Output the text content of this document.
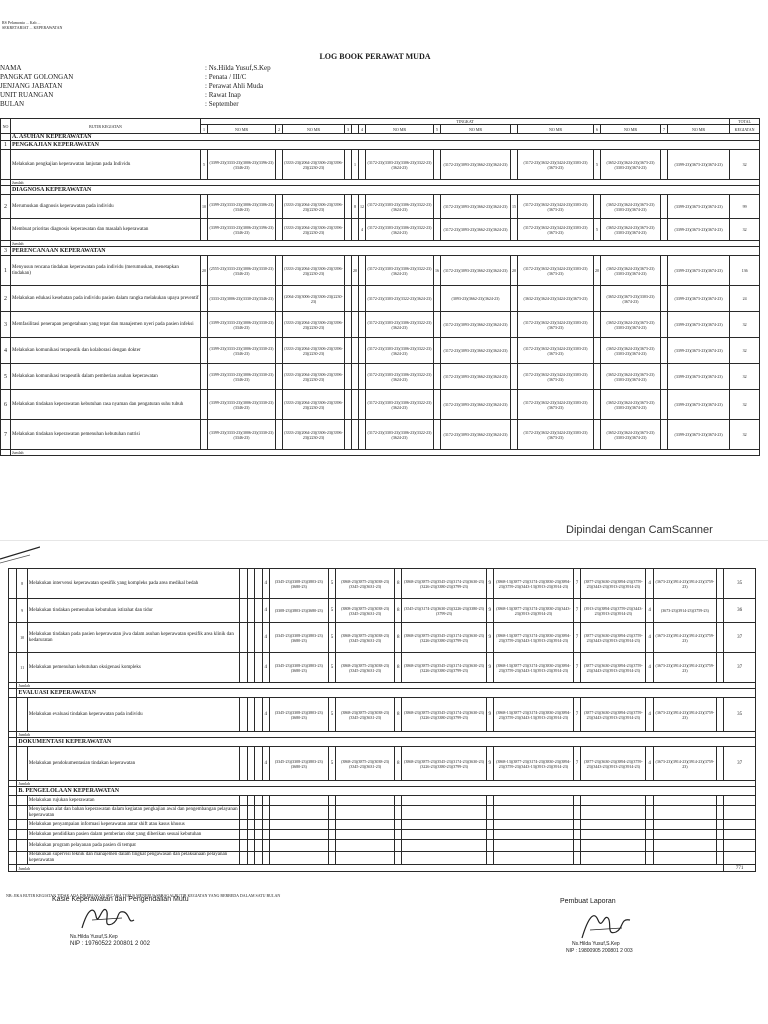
RS Pelamonia ... Kab ...
SEKRETARIAT ... KEPERAWATAN
LOG BOOK PERAWAT MUDA
NAMA	: Ns.Hilda Yusuf,S.Kep
PANGKAT GOLONGAN	: Penata / III/C
JENJANG JABATAN	: Perawat Ahli Muda
UNIT RUANGAN	: Rawat Inap
BULAN	: September
NO	BUTIR KEGIATAN	TINGKAT																TOTAL
		1	NO MR	2	NO MR	3		4	NO MR	5	NO MR		NO MR	6	NO MR	7	NO MR	KEGIATAN
	A. ASUHAN KEPERAWATAN																	
1	PENGKAJIAN KEPERAWATAN																	
	Melakukan pengkajian keperawatan lanjutan pada Individu	5	(3399-23)(3333-23)(3006-23)(3396-23)(3346-23)		(3333-23)(2064-23)(3306-23)(3396-23)(2230-23)		1		(3172-23)(3303-23)(3306-23)(3322-23)(3624-23)		(3172-23)(3093-23)(3662-23)(3624-23)		(3172-23)(3632-23)(3424-23)(3303-23)(3673-23)	5	(3652-23)(3624-23)(3673-23)(3303-23)(3674-23)		(3399-23)(3673-23)(3674-23)	32
	Jumlah																	
	DIAGNOSA KEPERAWATAN																	
2	Merumuskan diagnosis keperawatan pada individu	10	(3399-23)(3333-23)(3006-23)(3306-23)(3346-23)		(3333-23)(2064-23)(3306-23)(3396-23)(2230-23)		8	12	(3172-23)(3303-23)(3306-23)(3322-23)(3624-23)		(3172-23)(3093-23)(3662-23)(3624-23)	15	(3172-23)(3632-23)(3424-23)(3303-23)(3673-23)		(3652-23)(3624-23)(3673-23)(3303-23)(3674-23)		(3399-23)(3673-23)(3674-23)	99
	Membuat prioritas diagnosis keperawatan dan masalah keperawatan		(3399-23)(3333-23)(3006-23)(3396-23)(3346-23)		(3333-23)(2064-23)(3306-23)(3396-23)(2230-23)			4	(3172-23)(3303-23)(3306-23)(3322-23)(3624-23)		(3172-23)(3093-23)(3662-23)(3624-23)		(3172-23)(3632-23)(3424-23)(3303-23)(3673-23)	5	(3652-23)(3624-23)(3673-23)(3303-23)(3674-23)		(3399-23)(3673-23)(3674-23)	32
	Jumlah																	
3	PERENCANAAN KEPERAWATAN																	
1	Menyusun rencana tindakan keperawatan pada individu (merumuskan, menetapkan tindakan)	20	(2555-23)(3333-23)(3006-23)(3330-23)(3346-23)		(3333-23)(2064-23)(3306-23)(3396-23)(2230-23)		20		(3172-23)(3303-23)(3306-23)(3322-23)(3624-23)	16	(3172-23)(3093-23)(3662-23)(3624-23)	20	(3172-23)(3632-23)(3424-23)(3303-23)(3673-23)	20	(3652-23)(3624-23)(3673-23)(3303-23)(3674-23)		(3399-23)(3673-23)(3674-23)	136
2	Melakukan edukasi kesehatan pada individu pasien dalam rangka melakukan upaya preventif		(3333-23)(3006-23)(3330-23)(3346-23)		(2064-23)(3006-23)(3306-23)(2230-23)				(3172-23)(3303-23)(3322-23)(3624-23)		(3093-23)(3662-23)(3624-23)		(3632-23)(3624-23)(3424-23)(3673-23)		(3652-23)(3673-23)(3303-23)(3674-23)		(3399-23)(3673-23)(3674-23)	24
3	Memfasilitasi penerapan pengetahuan yang tepat dan manajemen nyeri pada pasien infeksi		(3399-23)(3333-23)(3006-23)(3330-23)(3346-23)		(3333-23)(2064-23)(3306-23)(3396-23)(2230-23)				(3172-23)(3303-23)(3306-23)(3322-23)(3624-23)		(3172-23)(3093-23)(3662-23)(3624-23)		(3172-23)(3632-23)(3424-23)(3303-23)(3673-23)		(3652-23)(3624-23)(3673-23)(3303-23)(3674-23)		(3399-23)(3673-23)(3674-23)	32
4	Melakukan komunikasi terapeutik dan kolaborasi dengan dokter		(3399-23)(3333-23)(3006-23)(3330-23)(3346-23)		(3333-23)(2064-23)(3306-23)(3396-23)(2230-23)				(3172-23)(3303-23)(3306-23)(3322-23)(3624-23)		(3172-23)(3093-23)(3662-23)(3624-23)		(3172-23)(3632-23)(3424-23)(3303-23)(3673-23)		(3652-23)(3624-23)(3673-23)(3303-23)(3674-23)		(3399-23)(3673-23)(3674-23)	32
5	Melakukan komunikasi terapeutik dalam pemberian asuhan keperawatan		(3399-23)(3333-23)(3006-23)(3330-23)(3346-23)		(3333-23)(2064-23)(3306-23)(3396-23)(2230-23)				(3172-23)(3303-23)(3306-23)(3322-23)(3624-23)		(3172-23)(3093-23)(3662-23)(3624-23)		(3172-23)(3632-23)(3424-23)(3303-23)(3673-23)		(3652-23)(3624-23)(3673-23)(3303-23)(3674-23)		(3399-23)(3673-23)(3674-23)	32
6	Melakukan tindakan keperawatan kebutuhan rasa nyaman dan pengaturan suhu tubuh		(3399-23)(3333-23)(3006-23)(3330-23)(3346-23)		(3333-23)(2064-23)(3306-23)(3396-23)(2230-23)				(3172-23)(3303-23)(3306-23)(3322-23)(3624-23)		(3172-23)(3093-23)(3662-23)(3624-23)		(3172-23)(3632-23)(3424-23)(3303-23)(3673-23)		(3652-23)(3624-23)(3673-23)(3303-23)(3674-23)		(3399-23)(3673-23)(3674-23)	32
7	Melakukan tindakan keperawatan pemenuhan kebutuhan nutrisi		(3399-23)(3333-23)(3006-23)(3330-23)(3346-23)		(3333-23)(2064-23)(3306-23)(3396-23)(2230-23)				(3172-23)(3303-23)(3306-23)(3322-23)(3624-23)		(3172-23)(3093-23)(3662-23)(3624-23)		(3172-23)(3632-23)(3424-23)(3303-23)(3673-23)		(3652-23)(3624-23)(3673-23)(3303-23)(3674-23)		(3399-23)(3673-23)(3674-23)	32
	Jumlah																	
Dipindai dengan CamScanner
	8	Melakukan intervensi keperawatan spesifik yang kompleks pada area medikal bedah				4	(3345-23)(3308-23)(3803-23)(3680-23)	5	(3868-23)(3875-23)(3038-23)(3345-23)(3631-23)	8	(3868-23)(3875-23)(3545-23)(3174-23)(3630-23)(3226-23)(3380-23)(3799-23)	9	(3868-13)(3877-23)(3174-23)(3830-23)(3894-23)(3759-23)(3443-13)(3913-23)(3914-23)	7	(3877-23)(3630-23)(3894-23)(3759-23)(3443-23)(3913-23)(3914-23)	4	(3673-23)(3914-23)(3914-23)(3759-23)		35
	9	Melakukan tindakan pemenuhan kebutuhan istirahat dan tidur				4	(3308-23)(3803-23)(3680-23)	5	(3808-23)(3875-23)(3038-23)(3345-23)(3631-23)	8	(3545-23)(3174-23)(3630-23)(3226-23)(3380-23)(3799-23)	9	(3868-13)(3877-23)(3174-23)(3830-23)(3443-23)(3913-23)(3914-23)	7	(3913-23)(3894-23)(3759-23)(3443-23)(3913-23)(3914-23)	4	(3673-23)(3914-23)(3759-23)		36
	10	Melakukan tindakan pada pasien keperawatan jiwa dalam asuhan keperawatan spesifik area klinik dan kedaruratan				4	(3345-23)(3308-23)(3803-23)(3680-23)	5	(3868-23)(3875-23)(3038-23)(3345-23)(3631-23)	8	(3868-23)(3875-23)(3545-23)(3174-23)(3630-23)(3226-23)(3380-23)(3799-23)	9	(3868-13)(3877-23)(3174-23)(3830-23)(3894-23)(3759-23)(3443-13)(3913-23)(3914-23)	7	(3877-23)(3630-23)(3894-23)(3759-23)(3443-23)(3913-23)(3914-23)	4	(3673-23)(3914-23)(3914-23)(3759-23)		37
	11	Melakukan pemenuhan kebutuhan oksigenasi kompleks				4	(3345-23)(3308-23)(3803-23)(3680-23)	5	(3868-23)(3875-23)(3038-23)(3345-23)(3631-23)	8	(3868-23)(3875-23)(3545-23)(3174-23)(3630-23)(3226-23)(3380-23)(3799-23)	9	(3868-13)(3877-23)(3174-23)(3830-23)(3894-23)(3759-23)(3443-13)(3913-23)(3914-23)	7	(3877-23)(3630-23)(3894-23)(3759-23)(3443-23)(3913-23)(3914-23)	4	(3673-23)(3914-23)(3914-23)(3759-23)		37
	Jumlah																		
	EVALUASI KEPERAWATAN																		
		Melakukan evaluasi tindakan keperawatan pada individu				4	(3345-23)(3308-23)(3803-23)(3680-23)	5	(3868-23)(3875-23)(3038-23)(3345-23)(3631-23)	8	(3868-23)(3875-23)(3545-23)(3174-23)(3630-23)(3226-23)(3380-23)(3799-23)	9	(3868-13)(3877-23)(3174-23)(3830-23)(3894-23)(3759-23)(3443-13)(3913-23)(3914-23)	7	(3877-23)(3630-23)(3894-23)(3759-23)(3443-23)(3913-23)(3914-23)	4	(3673-23)(3914-23)(3914-23)(3759-23)		35
	Jumlah																		
	DOKUMENTASI KEPERAWATAN																		
		Melakukan pendokumentasian tindakan keperawatan				4	(3345-23)(3308-23)(3803-23)(3680-23)	5	(3868-23)(3875-23)(3038-23)(3345-23)(3631-23)	8	(3868-23)(3875-23)(3545-23)(3174-23)(3630-23)(3226-23)(3380-23)(3799-23)	9	(3868-13)(3877-23)(3174-23)(3830-23)(3894-23)(3759-23)(3443-13)(3913-23)(3914-23)	7	(3877-23)(3630-23)(3894-23)(3759-23)(3443-23)(3913-23)(3914-23)	4	(3673-23)(3914-23)(3914-23)(3759-23)		37
	Jumlah																		
	B. PENGELOLAAN KEPERAWATAN																		
		Melakukan rujukan keperawatan																	
		Menyiapkan alat dan bahan keperawatan dalam kegiatan pengkajian awal dan pengembangan pelayanan keperawatan																	
		Melakukan penyampaian informasi keperawatan antar shift atau kasus khusus																	
		Melakukan pendidikan pasien dalam pemberian obat yang diberikan sesuai kebutuhan																	
		Melakukan program pelayanan pada pasien di tempat																	
		Melakukan supervisi teknik dan manajemen dalam tingkat pengawasan dan pelaksanaan pelayanan keperawatan																	
	Jumlah																		771
NB: JIKA BUTIR KEGIATAN TIDAK ADA DIKERJAKAN SECARA TERUS MENERUS SEBAGAI BUTIR KEGIATAN YANG BERBEDA DALAM SATU BULAN
Kasie Keperawatan dan Pengendalian Mutu
Ns.Hilda Yusuf,S.Kep
NIP : 19760522 200801 2 002
Pembuat Laporan
Ns.Hilda Yusuf,S.Kep
NIP : 19800905 200801 2 003
